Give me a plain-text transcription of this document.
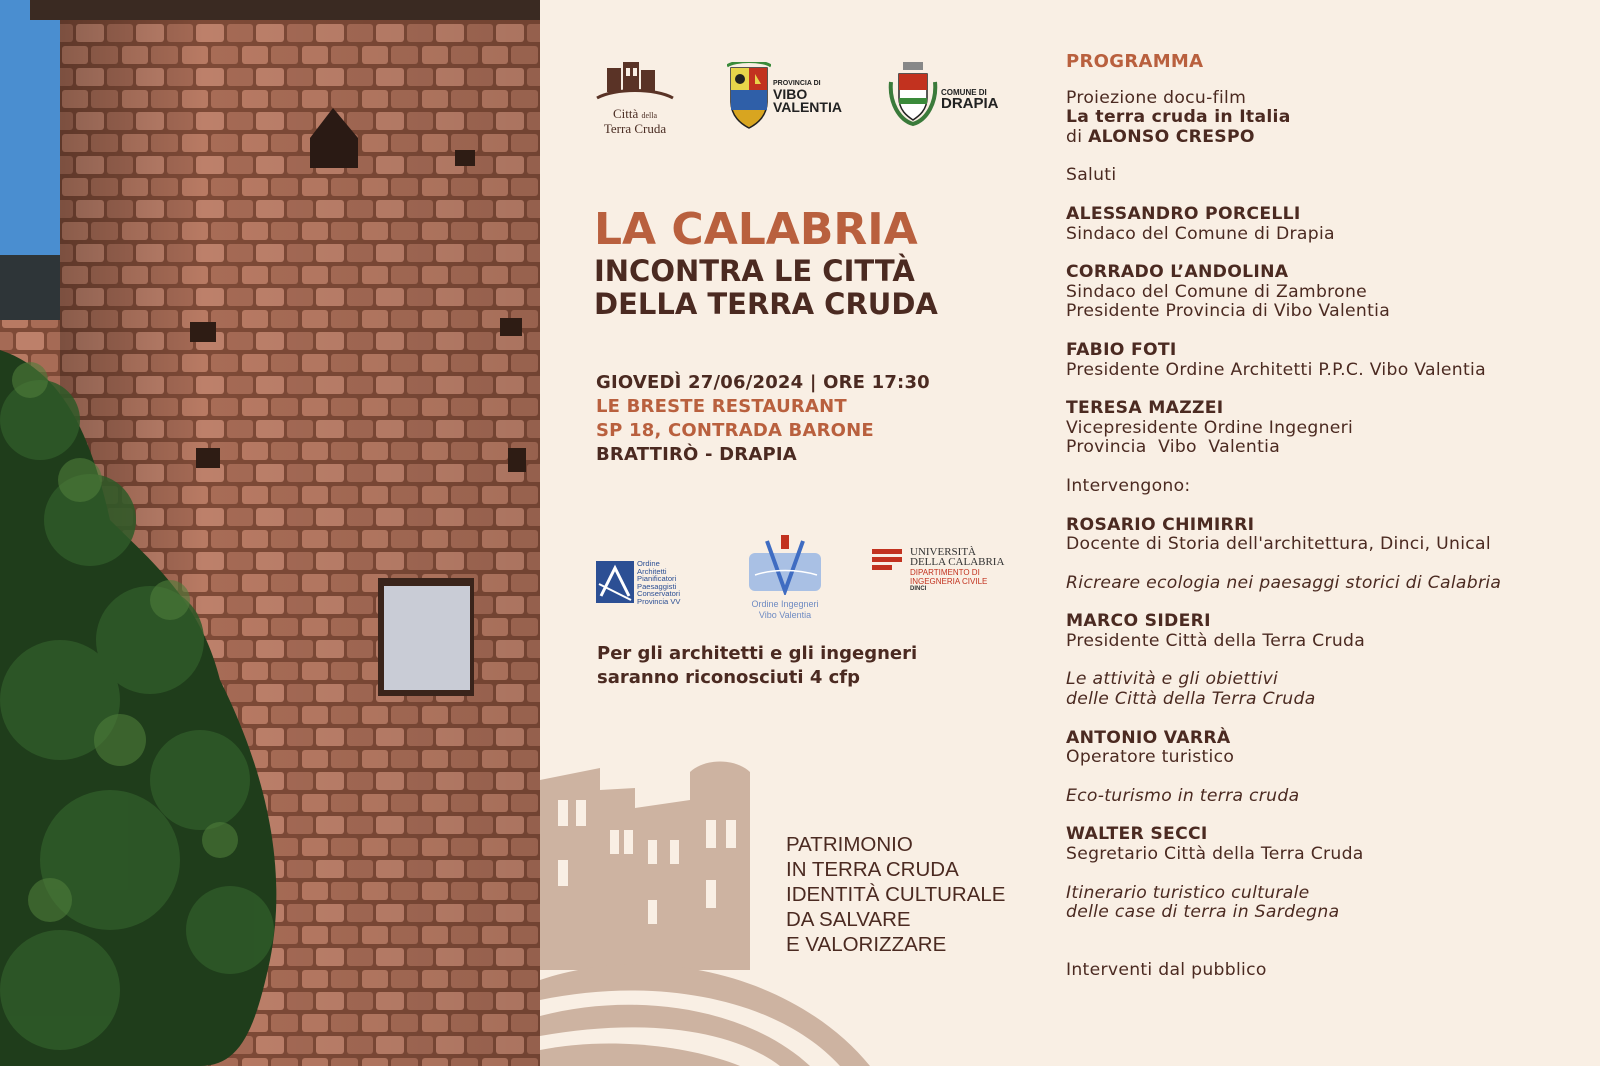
Città della
Terra Cruda
PROVINCIA DI
VIBO
VALENTIA
COMUNE DI
DRAPIA
LA CALABRIA
INCONTRA LE CITTÀ
DELLA TERRA CRUDA
GIOVEDÌ 27/06/2024 | ORE 17:30
LE BRESTE RESTAURANT
SP 18, CONTRADA BARONE
BRATTIRÒ - DRAPIA
Ordine
Architetti
Pianificatori
Paesaggisti
Conservatori
Provincia VV	Ordine Ingegneri
Vibo Valentia
UNIVERSITÀ
DELLA CALABRIA
DIPARTIMENTO DI
INGEGNERIA CIVILE
DINCI
Per gli architetti e gli ingegneri
saranno riconosciuti 4 cfp
PATRIMONIO
IN TERRA CRUDA
IDENTITÀ CULTURALE
DA SALVARE
E VALORIZZARE
PROGRAMMA
Proiezione docu-film
La terra cruda in Italia
di ALONSO CRESPO
Saluti
ALESSANDRO PORCELLI
Sindaco del Comune di Drapia
CORRADO L’ANDOLINA
Sindaco del Comune di Zambrone
Presidente Provincia di Vibo Valentia
FABIO FOTI
Presidente Ordine Architetti P.P.C. Vibo Valentia
TERESA MAZZEI
Vicepresidente Ordine Ingegneri
Provincia  Vibo  Valentia
Intervengono:
ROSARIO CHIMIRRI
Docente di Storia dell'architettura, Dinci, Unical
Ricreare ecologia nei paesaggi storici di Calabria
MARCO SIDERI
Presidente Città della Terra Cruda
Le attività e gli obiettivi
delle Città della Terra Cruda
ANTONIO VARRÀ
Operatore turistico
Eco-turismo in terra cruda
WALTER SECCI
Segretario Città della Terra Cruda
Itinerario turistico culturale
delle case di terra in Sardegna
Interventi dal pubblico
